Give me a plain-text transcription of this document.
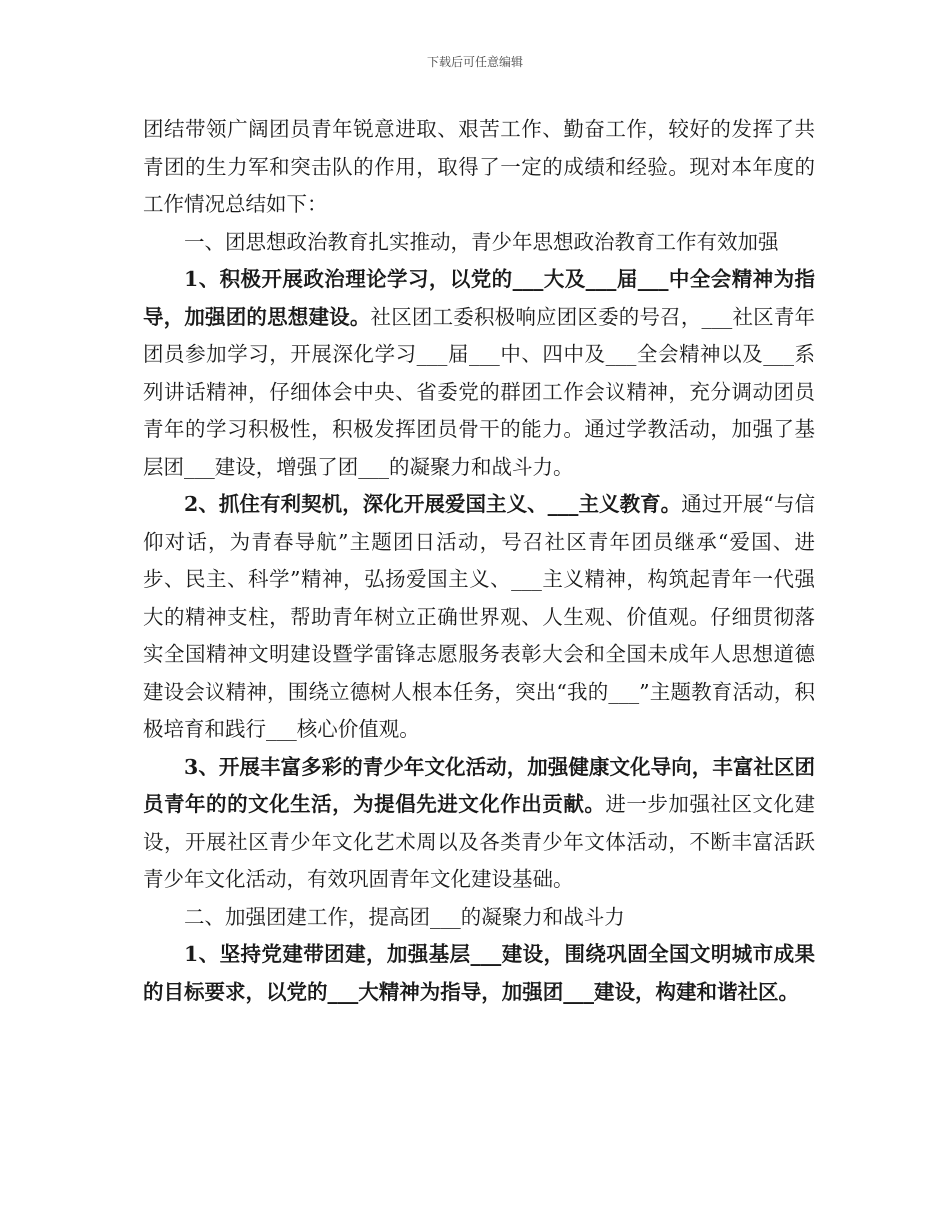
下载后可任意编辑

团结带领广阔团员青年锐意进取、艰苦工作、勤奋工作，较好的发挥了共青团的生力军和突击队的作用，取得了一定的成绩和经验。现对本年度的工作情况总结如下：

一、团思想政治教育扎实推动，青少年思想政治教育工作有效加强

1、积极开展政治理论学习，以党的___大及___届___中全会精神为指导，加强团的思想建设。社区团工委积极响应团区委的号召，___社区青年团员参加学习，开展深化学习___届___中、四中及___全会精神以及___系列讲话精神，仔细体会中央、省委党的群团工作会议精神，充分调动团员青年的学习积极性，积极发挥团员骨干的能力。通过学教活动，加强了基层团___建设，增强了团___的凝聚力和战斗力。

2、抓住有利契机，深化开展爱国主义、___主义教育。通过开展“与信仰对话，为青春导航”主题团日活动，号召社区青年团员继承“爱国、进步、民主、科学”精神，弘扬爱国主义、___主义精神，构筑起青年一代强大的精神支柱，帮助青年树立正确世界观、人生观、价值观。仔细贯彻落实全国精神文明建设暨学雷锋志愿服务表彰大会和全国未成年人思想道德建设会议精神，围绕立德树人根本任务，突出“我的___”主题教育活动，积极培育和践行___核心价值观。

3、开展丰富多彩的青少年文化活动，加强健康文化导向，丰富社区团员青年的的文化生活，为提倡先进文化作出贡献。进一步加强社区文化建设，开展社区青少年文化艺术周以及各类青少年文体活动，不断丰富活跃青少年文化活动，有效巩固青年文化建设基础。

二、加强团建工作，提高团___的凝聚力和战斗力

1、坚持党建带团建，加强基层___建设，围绕巩固全国文明城市成果的目标要求，以党的___大精神为指导，加强团___建设，构建和谐社区。
